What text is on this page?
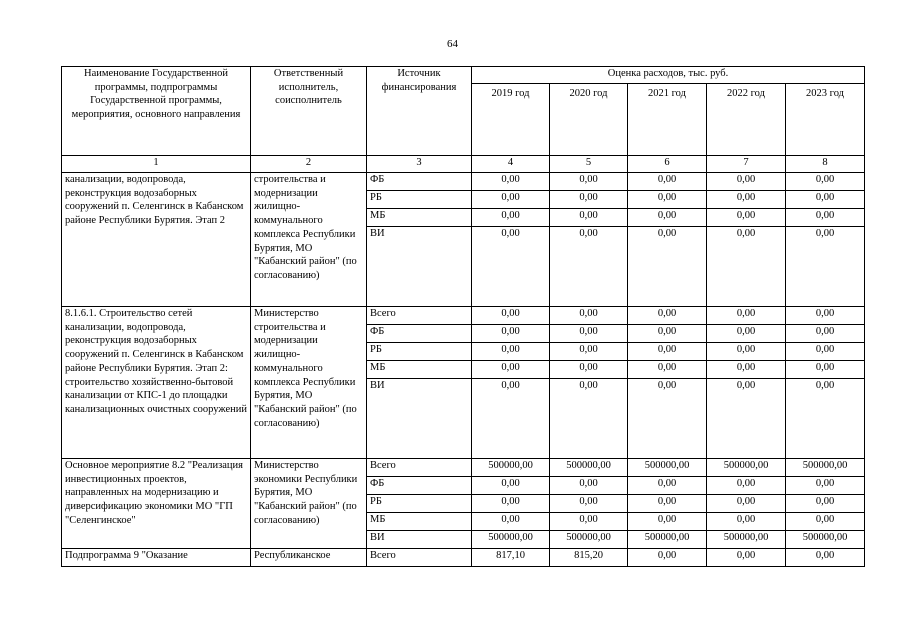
64
Наименование Государственной программы, подпрограммы Государственной программы, мероприятия, основного направления	Ответственный исполнитель, соисполнитель	Источник финансирования	Оценка расходов, тыс. руб.				
			2019 год	2020 год	2021 год	2022 год	2023 год
1	2	3	4	5	6	7	8
канализации, водопровода, реконструкция водозаборных сооружений п. Селенгинск в Кабанском районе Республики Бурятия. Этап 2	строительства и модернизации жилищно-коммунального комплекса Республики Бурятия, МО "Кабанский район" (по согласованию)	ФБ	0,00	0,00	0,00	0,00	0,00
		РБ	0,00	0,00	0,00	0,00	0,00
		МБ	0,00	0,00	0,00	0,00	0,00
		ВИ	0,00	0,00	0,00	0,00	0,00
8.1.6.1. Строительство сетей канализации, водопровода, реконструкция водозаборных сооружений п. Селенгинск в Кабанском районе Республики Бурятия. Этап 2: строительство хозяйственно-бытовой канализации от КПС-1 до площадки канализационных очистных сооружений	Министерство строительства и модернизации жилищно-коммунального комплекса Республики Бурятия, МО "Кабанский район" (по согласованию)	Всего	0,00	0,00	0,00	0,00	0,00
		ФБ	0,00	0,00	0,00	0,00	0,00
		РБ	0,00	0,00	0,00	0,00	0,00
		МБ	0,00	0,00	0,00	0,00	0,00
		ВИ	0,00	0,00	0,00	0,00	0,00
Основное мероприятие 8.2 "Реализация инвестиционных проектов, направленных на модернизацию и диверсификацию экономики МО "ГП "Селенгинское"	Министерство экономики Республики Бурятия, МО "Кабанский район" (по согласованию)	Всего	500000,00	500000,00	500000,00	500000,00	500000,00
		ФБ	0,00	0,00	0,00	0,00	0,00
		РБ	0,00	0,00	0,00	0,00	0,00
		МБ	0,00	0,00	0,00	0,00	0,00
		ВИ	500000,00	500000,00	500000,00	500000,00	500000,00
Подпрограмма 9 "Оказание	Республиканское	Всего	817,10	815,20	0,00	0,00	0,00
